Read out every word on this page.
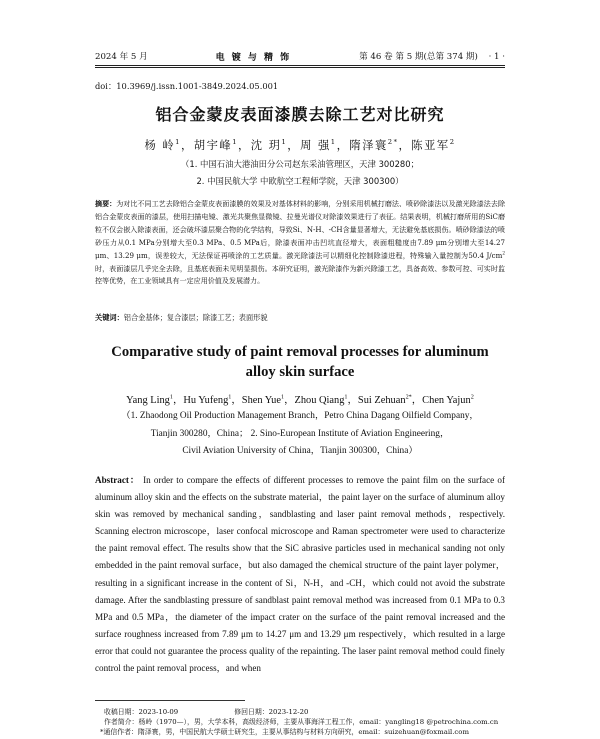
2024 年 5 月	电 镀 与 精 饰	第 46 卷 第 5 期(总第 374 期) · 1 ·
doi：10.3969/j.issn.1001-3849.2024.05.001
铝合金蒙皮表面漆膜去除工艺对比研究
杨 岭$^1$，胡宇峰$^1$，沈 玥$^1$，周 强$^1$，隋泽寰$^{2*}$，陈亚军$^2$
（1. 中国石油大港油田分公司赵东采油管理区，天津 300280；
2. 中国民航大学 中欧航空工程师学院，天津 300300）
摘要：为对比不同工艺去除铝合金蒙皮表面漆膜的效果及对基体材料的影响，分别采用机械打磨法、喷砂除漆法以及激光除漆法去除铝合金蒙皮表面的漆层，使用扫描电镜、激光共聚焦显微镜、拉曼光谱仪对除漆效果进行了表征。结果表明，机械打磨所用的SiC磨粒不仅会嵌入除漆表面，还会破坏漆层聚合物的化学结构，导致Si、N-H、-CH含量显著增大，无法避免基底损伤。喷砂除漆法的喷砂压力从0.1 MPa分别增大至0.3 MPa、0.5 MPa后，除漆表面冲击凹坑直径增大，表面粗糙度由7.89 μm分别增大至14.27 μm、13.29 μm，误差较大，无法保证再喷涂的工艺质量。激光除漆法可以精细化控制除漆进程，特殊输入量控制为50.4 $J/cm^2$时，表面漆层几乎完全去除，且基底表面未见明显损伤。本研究证明，激光除漆作为新兴除漆工艺，具备高效、参数可控、可实时监控等优势，在工业领域具有一定应用价值及发展潜力。
关键词：铝合金基体；复合漆层；除漆工艺；表面形貌
Comparative study of paint removal processes for aluminum alloy skin surface
Yang Ling$^1$，Hu Yufeng$^1$，Shen Yue$^1$，Zhou Qiang$^1$，Sui Zehuan$^{2*}$，Chen Yajun$^2$
（1. Zhaodong Oil Production Management Branch，Petro China Dagang Oilfield Company，
Tianjin 300280，China； 2. Sino-European Institute of Aviation Engineering，
Civil Aviation University of China，Tianjin 300300，China）
Abstract： In order to compare the effects of different processes to remove the paint film on the surface of aluminum alloy skin and the effects on the substrate material，the paint layer on the surface of aluminum alloy skin was removed by mechanical sanding，sandblasting and laser paint removal methods，respectively. Scanning electron microscope，laser confocal microscope and Raman spectrometer were used to characterize the paint removal effect. The results show that the SiC abrasive particles used in mechanical sanding not only embedded in the paint removal surface，but also damaged the chemical structure of the paint layer polymer，resulting in a significant increase in the content of Si，N-H，and -CH，which could not avoid the substrate damage. After the sandblasting pressure of sandblast paint removal method was increased from 0.1 MPa to 0.3 MPa and 0.5 MPa，the diameter of the impact crater on the surface of the paint removal increased and the surface roughness increased from 7.89 μm to 14.27 μm and 13.29 μm respectively，which resulted in a large error that could not guarantee the process quality of the repainting. The laser paint removal method could finely control the paint removal process，and when
收稿日期：2023-10-09	修回日期：2023-12-20
作者简介：杨岭（1970—），男，大学本科，高级经济师，主要从事海洋工程工作，email：yangling18 @petrochina.com.cn
*通信作者：隋泽寰，男，中国民航大学硕士研究生，主要从事结构与材料方向研究，email：suizehuan@foxmail.com
